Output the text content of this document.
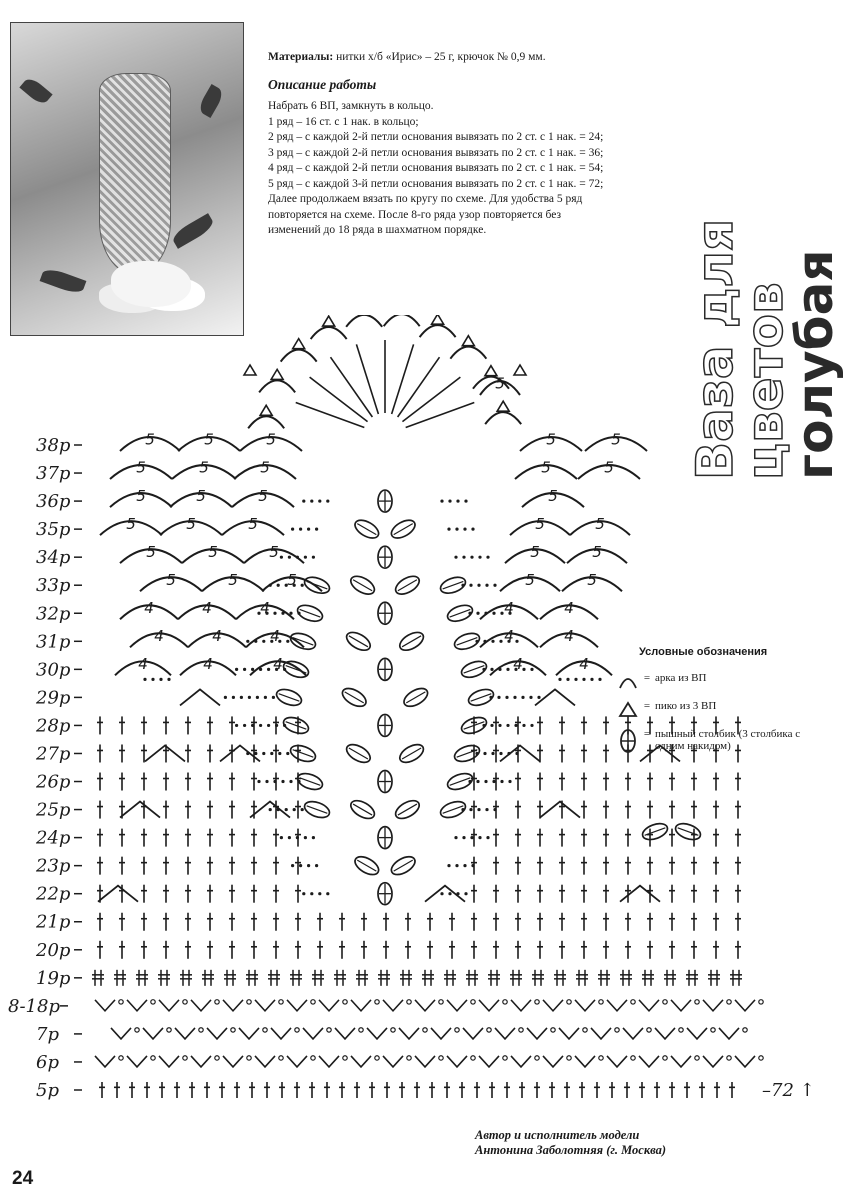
Материалы: нитки х/б «Ирис» – 25 г, крючок № 0,9 мм.
Описание работы
Набрать 6 ВП, замкнуть в кольцо.
1 ряд – 16 ст. с 1 нак. в кольцо;
2 ряд – с каждой 2-й петли основания вывязать по 2 ст. с 1 нак. = 24;
3 ряд – с каждой 2-й петли основания вывязать по 2 ст. с 1 нак. = 36;
4 ряд – с каждой 2-й петли основания вывязать по 2 ст. с 1 нак. = 54;
5 ряд – с каждой 3-й петли основания вывязать по 2 ст. с 1 нак. = 72;
Далее продолжаем вязать по кругу по схеме. Для удобства 5 ряд
повторяется на схеме. После 8-го ряда узор повторяется без
изменений до 18 ряда в шахматном порядке.	Ваза для цветов
голубая
38р
37р
36р
35р
34р
33р
32р
31р
30р
29р
28р
27р
26р
25р
24р
23р
22р
21р
20р
19р
8-18р
7р
6р
5р	–72 ↑
5	5	5	5	5
5	5	5	5	5
5	5	5	5
5	5	5	5	5
5	5	5	5	5
5	5	5	5	5
4	4	4	4	4
4	4	4	4	4
4	4	4	4	4
5
Условные обозначения
= арка из ВП
= пико из 3 ВП
= пышный столбик (3 столбика с одним накидом)
Автор и исполнитель модели
Антонина Заболотняя (г. Москва)
24
